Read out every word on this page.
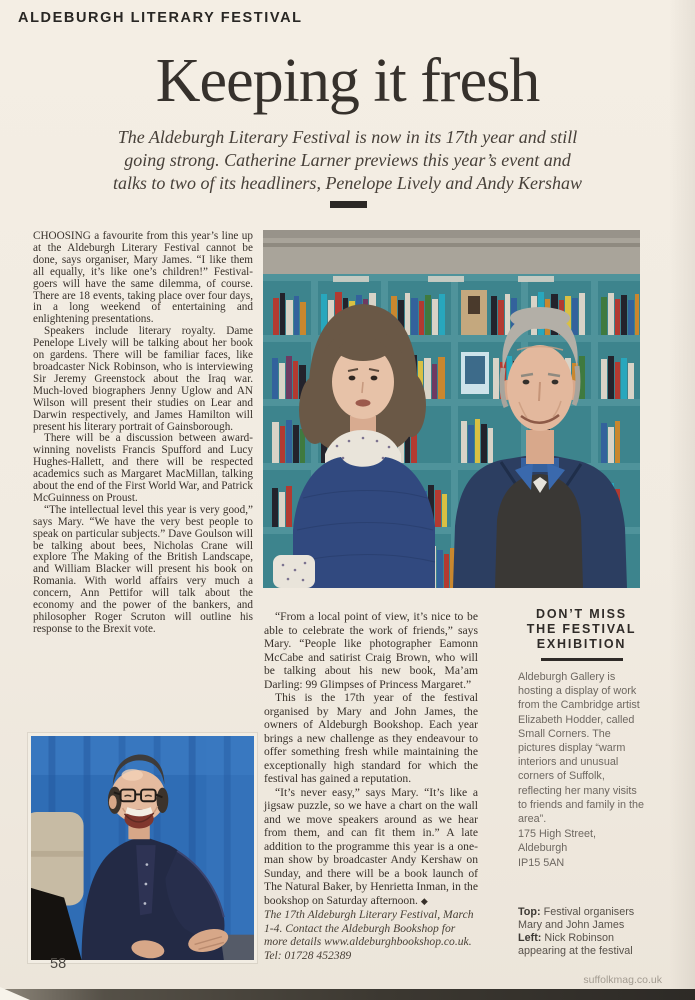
ALDEBURGH LITERARY FESTIVAL
Keeping it fresh
The Aldeburgh Literary Festival is now in its 17th year and still
going strong. Catherine Larner previews this year’s event and
talks to two of its headliners, Penelope Lively and Andy Kershaw

CHOOSING a favourite from this year’s line up at the Aldeburgh Literary Festival cannot be done, says organiser, Mary James. “I like them all equally, it’s like one’s children!” Festival-goers will have the same dilemma, of course. There are 18 events, taking place over four days, in a long weekend of entertaining and enlightening presentations.

Speakers include literary royalty. Dame Penelope Lively will be talking about her book on gardens. There will be familiar faces, like broadcaster Nick Robinson, who is interviewing Sir Jeremy Greenstock about the Iraq war. Much-loved biographers Jenny Uglow and AN Wilson will present their studies on Lear and Darwin respectively, and James Hamilton will present his literary portrait of Gainsborough.

There will be a discussion between award-winning novelists Francis Spufford and Lucy Hughes-Hallett, and there will be respected academics such as Margaret MacMillan, talking about the end of the First World War, and Patrick McGuinness on Proust.

“The intellectual level this year is very good,” says Mary. “We have the very best people to speak on particular subjects.” Dave Goulson will be talking about bees, Nicholas Crane will explore The Making of the British Landscape, and William Blacker will present his book on Romania. With world affairs very much a concern, Ann Pettifor will talk about the economy and the power of the bankers, and philosopher Roger Scruton will outline his response to the Brexit vote.

“From a local point of view, it’s nice to be able to celebrate the work of friends,” says Mary. “People like photographer Eamonn McCabe and satirist Craig Brown, who will be talking about his new book, Ma’am Darling: 99 Glimpses of Princess Margaret.”

This is the 17th year of the festival organised by Mary and John James, the owners of Aldeburgh Bookshop. Each year brings a new challenge as they endeavour to offer something fresh while maintaining the exceptionally high standard for which the festival has gained a reputation.

“It’s never easy,” says Mary. “It’s like a jigsaw puzzle, so we have a chart on the wall and we move speakers around as we hear from them, and can fit them in.” A late addition to the programme this year is a one-man show by broadcaster Andy Kershaw on Sunday, and there will be a book launch of The Natural Baker, by Henrietta Inman, in the bookshop on Saturday afternoon. ◆

The 17th Aldeburgh Literary Festival, March 1-4. Contact the Aldeburgh Bookshop for more details www.aldeburghbookshop.co.uk. Tel: 01728 452389

DON’T MISS
THE FESTIVAL
EXHIBITION
Aldeburgh Gallery is hosting a display of work from the Cambridge artist Elizabeth Hodder, called Small Corners. The pictures display “warm interiors and unusual corners of Suffolk, reflecting her many visits to friends and family in the area”.
175 High Street, Aldeburgh
IP15 5AN
Top: Festival organisers Mary and John James
Left: Nick Robinson appearing at the festival
58
suffolkmag.co.uk
